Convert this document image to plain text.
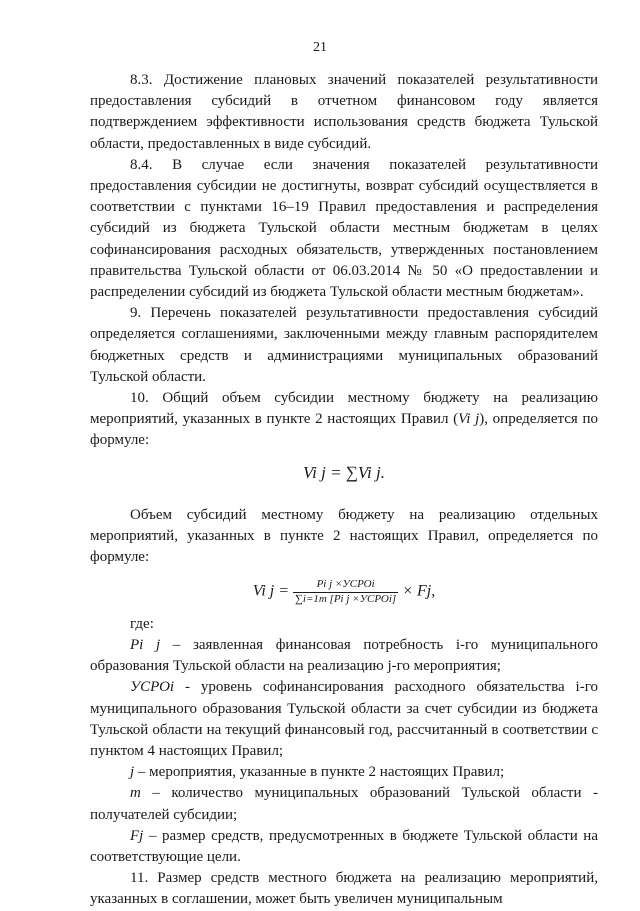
21

8.3. Достижение плановых значений показателей результативности предоставления субсидий в отчетном финансовом году является подтверждением эффективности использования средств бюджета Тульской области, предоставленных в виде субсидий.

8.4. В случае если значения показателей результативности предоставления субсидии не достигнуты, возврат субсидий осуществляется в соответствии с пунктами 16–19 Правил предоставления и распределения субсидий из бюджета Тульской области местным бюджетам в целях софинансирования расходных обязательств, утвержденных постановлением правительства Тульской области от 06.03.2014 № 50 «О предоставлении и распределении субсидий из бюджета Тульской области местным бюджетам».

9. Перечень показателей результативности предоставления субсидий определяется соглашениями, заключенными между главным распорядителем бюджетных средств и администрациями муниципальных образований Тульской области.

10. Общий объем субсидии местному бюджету на реализацию мероприятий, указанных в пункте 2 настоящих Правил (Vi j), определяется по формуле:

Vi j = ∑Vi j.

Объем субсидий местному бюджету на реализацию отдельных мероприятий, указанных в пункте 2 настоящих Правил, определяется по формуле:

Vi $j = \frac{\text{Pi j ×УСРОi}}{\text{∑i=1m [Pi j ×УСРОi]}} \times Fj$,

где:

Pi j – заявленная финансовая потребность i-го муниципального образования Тульской области на реализацию j-го мероприятия;

УСРОi - уровень софинансирования расходного обязательства i-го муниципального образования Тульской области за счет субсидии из бюджета Тульской области на текущий финансовый год, рассчитанный в соответствии с пунктом 4 настоящих Правил;

j – мероприятия, указанные в пункте 2 настоящих Правил;

m – количество муниципальных образований Тульской области - получателей субсидии;

Fj – размер средств, предусмотренных в бюджете Тульской области на соответствующие цели.

11. Размер средств местного бюджета на реализацию мероприятий, указанных в соглашении, может быть увеличен муниципальным
